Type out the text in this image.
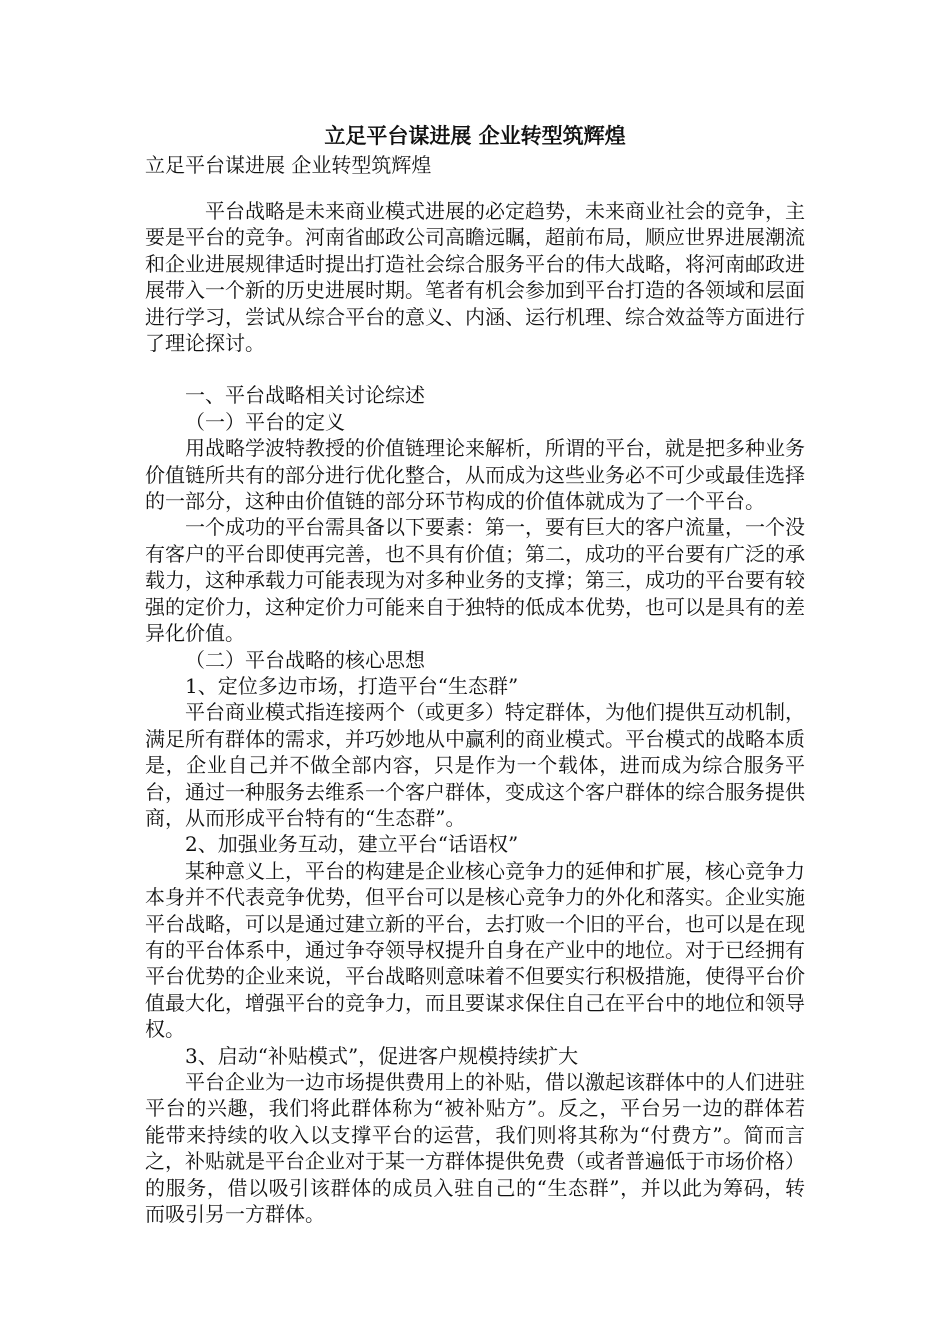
立足平台谋进展 企业转型筑辉煌
立足平台谋进展 企业转型筑辉煌

平台战略是未来商业模式进展的必定趋势，未来商业社会的竞争，主要是平台的竞争。河南省邮政公司高瞻远瞩，超前布局，顺应世界进展潮流和企业进展规律适时提出打造社会综合服务平台的伟大战略，将河南邮政进展带入一个新的历史进展时期。笔者有机会参加到平台打造的各领域和层面进行学习，尝试从综合平台的意义、内涵、运行机理、综合效益等方面进行了理论探讨。

一、平台战略相关讨论综述

（一）平台的定义

用战略学波特教授的价值链理论来解析，所谓的平台，就是把多种业务价值链所共有的部分进行优化整合，从而成为这些业务必不可少或最佳选择的一部分，这种由价值链的部分环节构成的价值体就成为了一个平台。

一个成功的平台需具备以下要素：第一，要有巨大的客户流量，一个没有客户的平台即使再完善，也不具有价值；第二，成功的平台要有广泛的承载力，这种承载力可能表现为对多种业务的支撑；第三，成功的平台要有较强的定价力，这种定价力可能来自于独特的低成本优势，也可以是具有的差异化价值。

（二）平台战略的核心思想

1、定位多边市场，打造平台“生态群”

平台商业模式指连接两个（或更多）特定群体，为他们提供互动机制，满足所有群体的需求，并巧妙地从中赢利的商业模式。平台模式的战略本质是，企业自己并不做全部内容，只是作为一个载体，进而成为综合服务平台，通过一种服务去维系一个客户群体，变成这个客户群体的综合服务提供商，从而形成平台特有的“生态群”。

2、加强业务互动，建立平台“话语权”

某种意义上，平台的构建是企业核心竞争力的延伸和扩展，核心竞争力本身并不代表竞争优势，但平台可以是核心竞争力的外化和落实。企业实施平台战略，可以是通过建立新的平台，去打败一个旧的平台，也可以是在现有的平台体系中，通过争夺领导权提升自身在产业中的地位。对于已经拥有平台优势的企业来说，平台战略则意味着不但要实行积极措施，使得平台价值最大化，增强平台的竞争力，而且要谋求保住自己在平台中的地位和领导权。

3、启动“补贴模式”，促进客户规模持续扩大

平台企业为一边市场提供费用上的补贴，借以激起该群体中的人们进驻平台的兴趣，我们将此群体称为“被补贴方”。反之，平台另一边的群体若能带来持续的收入以支撑平台的运营，我们则将其称为“付费方”。简而言之，补贴就是平台企业对于某一方群体提供免费（或者普遍低于市场价格）的服务，借以吸引该群体的成员入驻自己的“生态群”，并以此为筹码，转而吸引另一方群体。
